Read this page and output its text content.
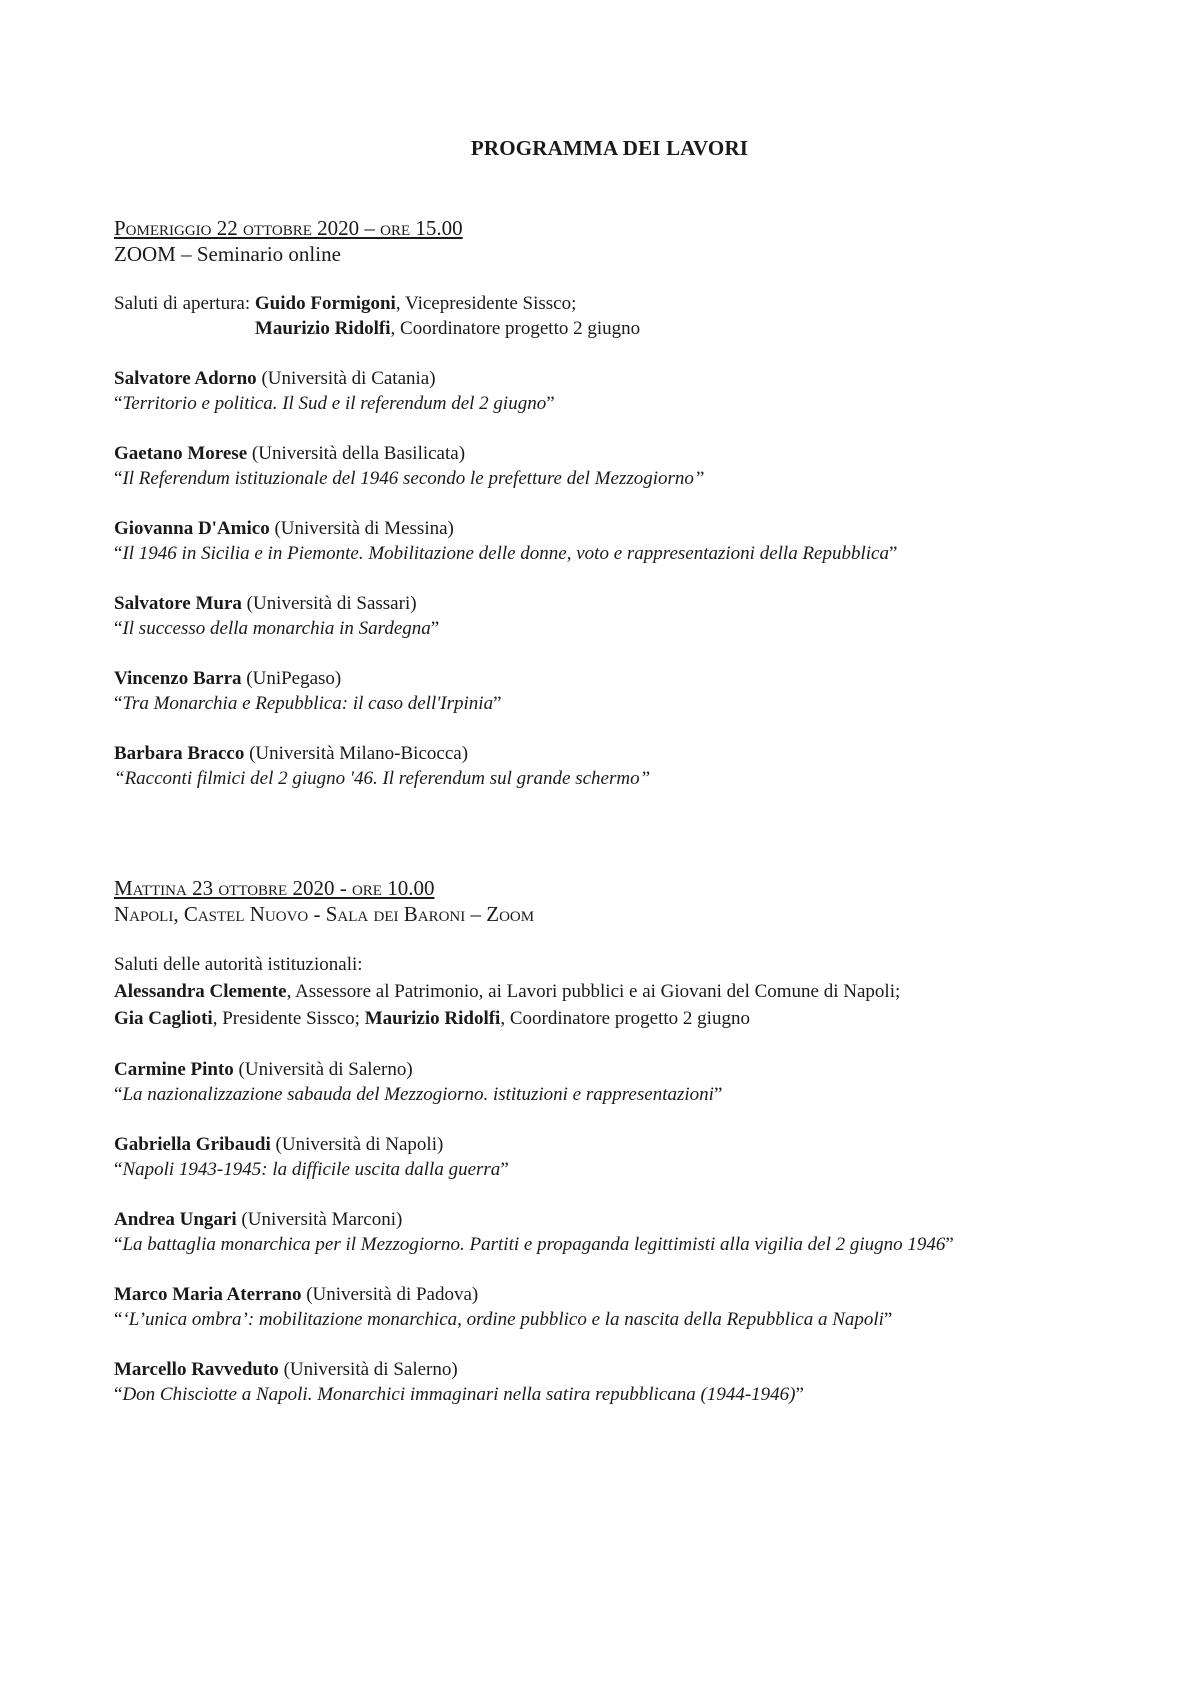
PROGRAMMA DEI LAVORI
Pomeriggio 22 ottobre 2020 – ore 15.00
ZOOM – Seminario online
Saluti di apertura: Guido Formigoni, Vicepresidente Sissco;
Maurizio Ridolfi, Coordinatore progetto 2 giugno
Salvatore Adorno (Università di Catania)
“Territorio e politica. Il Sud e il referendum del 2 giugno”
Gaetano Morese (Università della Basilicata)
“Il Referendum istituzionale del 1946 secondo le prefetture del Mezzogiorno”
Giovanna D'Amico (Università di Messina)
“Il 1946 in Sicilia e in Piemonte. Mobilitazione delle donne, voto e rappresentazioni della Repubblica”
Salvatore Mura (Università di Sassari)
“Il successo della monarchia in Sardegna”
Vincenzo Barra (UniPegaso)
“Tra Monarchia e Repubblica: il caso dell'Irpinia”
Barbara Bracco (Università Milano-Bicocca)
“Racconti filmici del 2 giugno '46. Il referendum sul grande schermo”
Mattina 23 ottobre 2020 - ore 10.00
Napoli, Castel Nuovo - Sala dei Baroni – Zoom
Saluti delle autorità istituzionali:
Alessandra Clemente, Assessore al Patrimonio, ai Lavori pubblici e ai Giovani del Comune di Napoli;
Gia Caglioti, Presidente Sissco; Maurizio Ridolfi, Coordinatore progetto 2 giugno
Carmine Pinto (Università di Salerno)
“La nazionalizzazione sabauda del Mezzogiorno. istituzioni e rappresentazioni”
Gabriella Gribaudi (Università di Napoli)
“Napoli 1943-1945: la difficile uscita dalla guerra”
Andrea Ungari (Università Marconi)
“La battaglia monarchica per il Mezzogiorno. Partiti e propaganda legittimisti alla vigilia del 2 giugno 1946”
Marco Maria Aterrano (Università di Padova)
“‘L’unica ombra’: mobilitazione monarchica, ordine pubblico e la nascita della Repubblica a Napoli”
Marcello Ravveduto (Università di Salerno)
“Don Chisciotte a Napoli. Monarchici immaginari nella satira repubblicana (1944-1946)”
